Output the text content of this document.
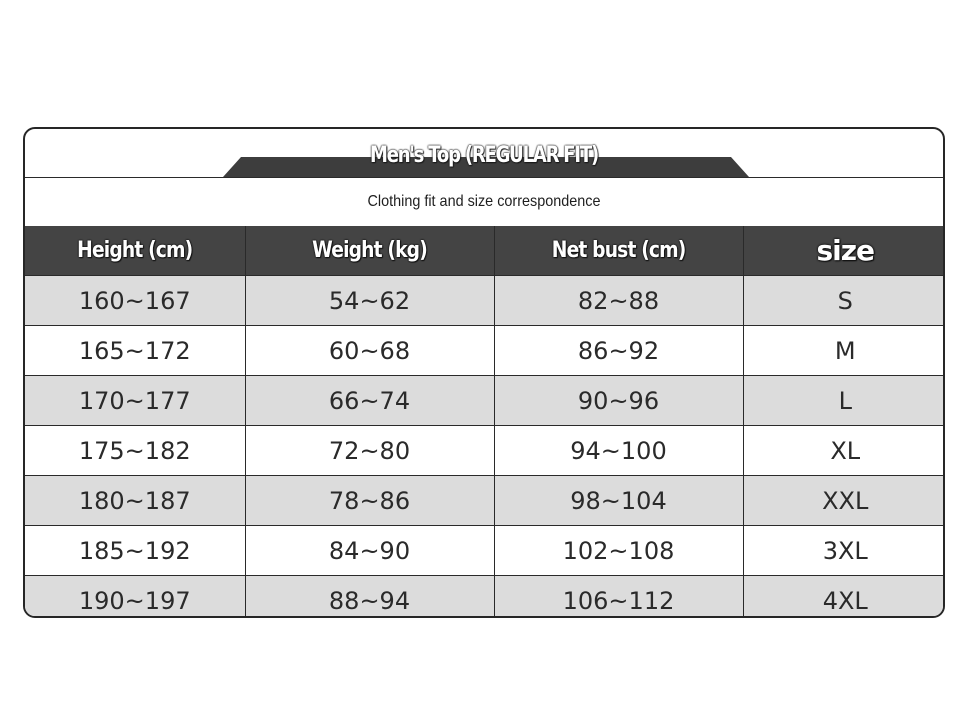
Men's Top (REGULAR FIT)
Clothing fit and size correspondence
Height (cm)	Weight (kg)	Net bust (cm)	size
160~167	54~62	82~88	S
165~172	60~68	86~92	M
170~177	66~74	90~96	L
175~182	72~80	94~100	XL
180~187	78~86	98~104	XXL
185~192	84~90	102~108	3XL
190~197	88~94	106~112	4XL
